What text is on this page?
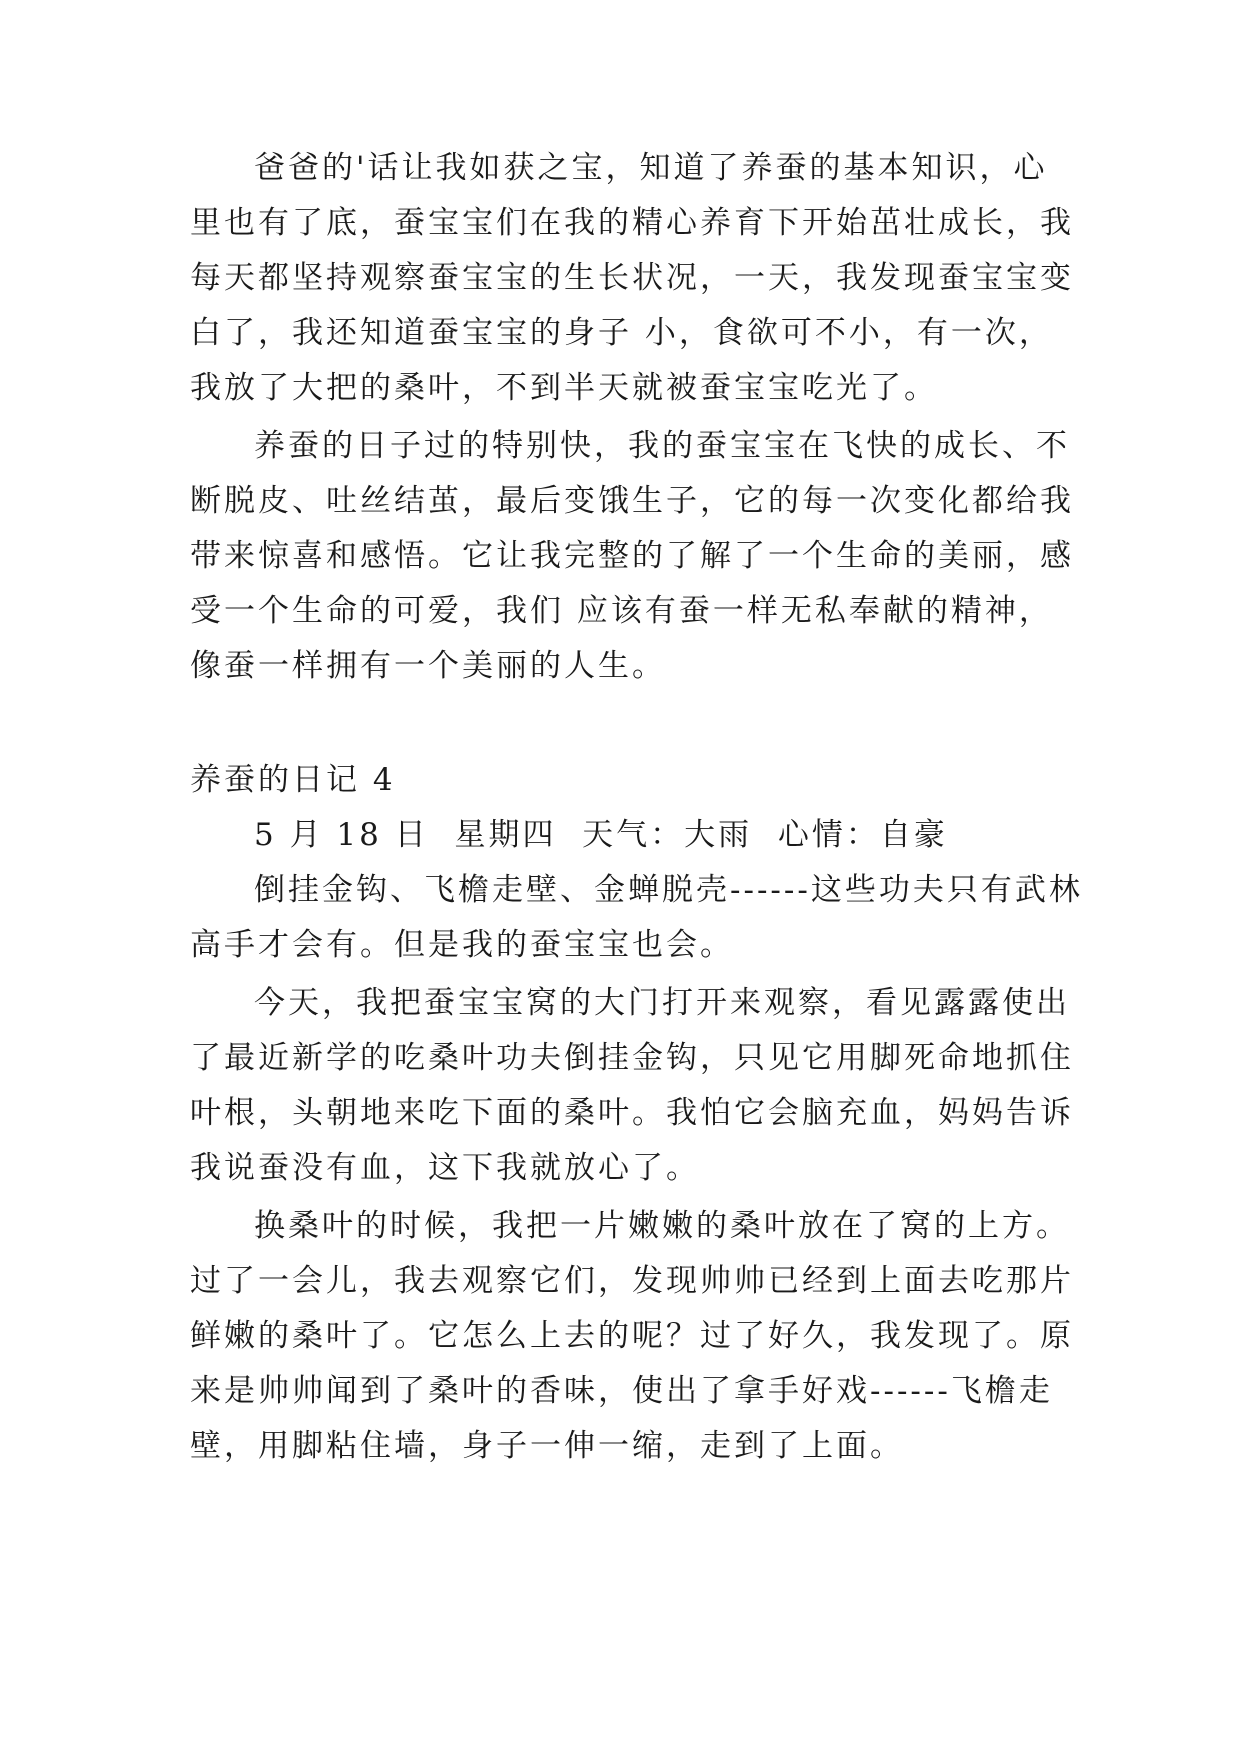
爸爸的'话让我如获之宝，知道了养蚕的基本知识，心
里也有了底，蚕宝宝们在我的精心养育下开始茁壮成长，我
每天都坚持观察蚕宝宝的生长状况，一天，我发现蚕宝宝变
白了，我还知道蚕宝宝的身子 小，食欲可不小，有一次，
我放了大把的桑叶，不到半天就被蚕宝宝吃光了。
养蚕的日子过的特别快，我的蚕宝宝在飞快的成长、不
断脱皮、吐丝结茧，最后变饿生子，它的每一次变化都给我
带来惊喜和感悟。它让我完整的了解了一个生命的美丽，感
受一个生命的可爱，我们 应该有蚕一样无私奉献的精神，
像蚕一样拥有一个美丽的人生。
养蚕的日记 4
5 月 18 日  星期四  天气：大雨  心情：自豪
倒挂金钩、飞檐走壁、金蝉脱壳------这些功夫只有武林
高手才会有。但是我的蚕宝宝也会。
今天，我把蚕宝宝窝的大门打开来观察，看见露露使出
了最近新学的吃桑叶功夫倒挂金钩，只见它用脚死命地抓住
叶根，头朝地来吃下面的桑叶。我怕它会脑充血，妈妈告诉
我说蚕没有血，这下我就放心了。
换桑叶的时候，我把一片嫩嫩的桑叶放在了窝的上方。
过了一会儿，我去观察它们，发现帅帅已经到上面去吃那片
鲜嫩的桑叶了。它怎么上去的呢？过了好久，我发现了。原
来是帅帅闻到了桑叶的香味，使出了拿手好戏------飞檐走
壁，用脚粘住墙，身子一伸一缩，走到了上面。
